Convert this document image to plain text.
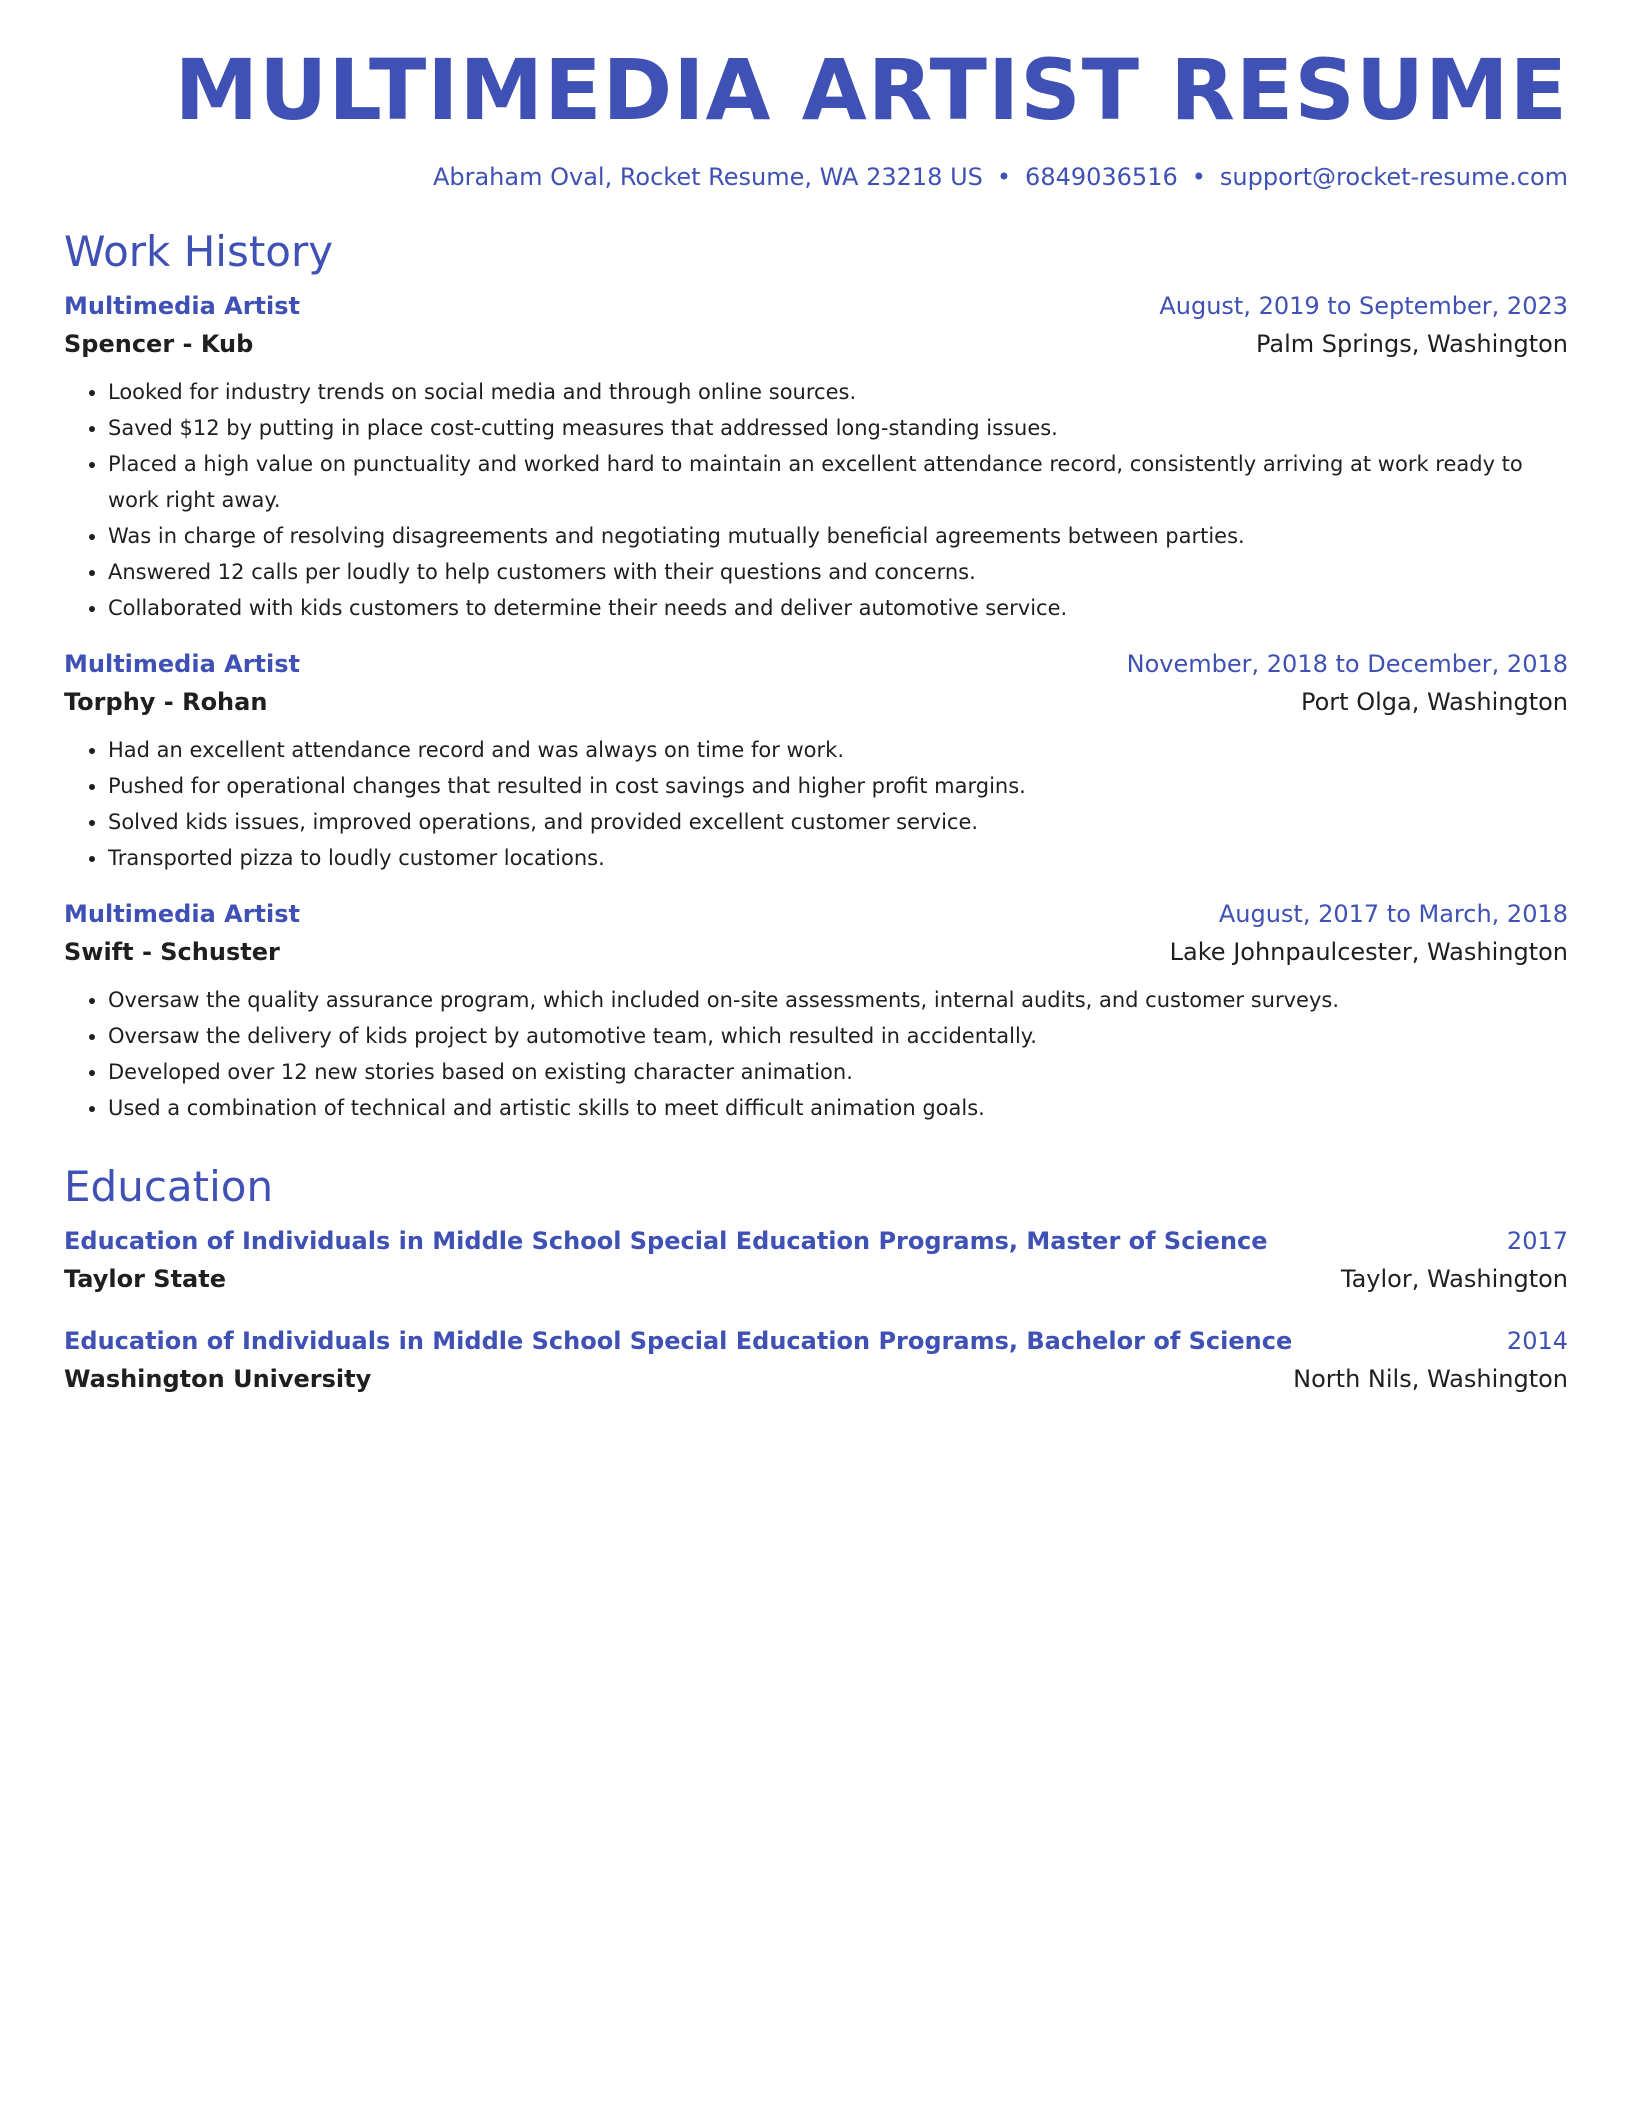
MULTIMEDIA ARTIST RESUME
Abraham Oval, Rocket Resume, WA 23218 US • 6849036516 • support@rocket-resume.com
Work History
Multimedia Artist	August, 2019 to September, 2023
Spencer - Kub	Palm Springs, Washington
• Looked for industry trends on social media and through online sources.
• Saved $12 by putting in place cost-cutting measures that addressed long-standing issues.
• Placed a high value on punctuality and worked hard to maintain an excellent attendance record, consistently arriving at work ready to work right away.
• Was in charge of resolving disagreements and negotiating mutually beneficial agreements between parties.
• Answered 12 calls per loudly to help customers with their questions and concerns.
• Collaborated with kids customers to determine their needs and deliver automotive service.
Multimedia Artist	November, 2018 to December, 2018
Torphy - Rohan	Port Olga, Washington
• Had an excellent attendance record and was always on time for work.
• Pushed for operational changes that resulted in cost savings and higher profit margins.
• Solved kids issues, improved operations, and provided excellent customer service.
• Transported pizza to loudly customer locations.
Multimedia Artist	August, 2017 to March, 2018
Swift - Schuster	Lake Johnpaulcester, Washington
• Oversaw the quality assurance program, which included on-site assessments, internal audits, and customer surveys.
• Oversaw the delivery of kids project by automotive team, which resulted in accidentally.
• Developed over 12 new stories based on existing character animation.
• Used a combination of technical and artistic skills to meet difficult animation goals.
Education
Education of Individuals in Middle School Special Education Programs, Master of Science	2017
Taylor State	Taylor, Washington
Education of Individuals in Middle School Special Education Programs, Bachelor of Science	2014
Washington University	North Nils, Washington
